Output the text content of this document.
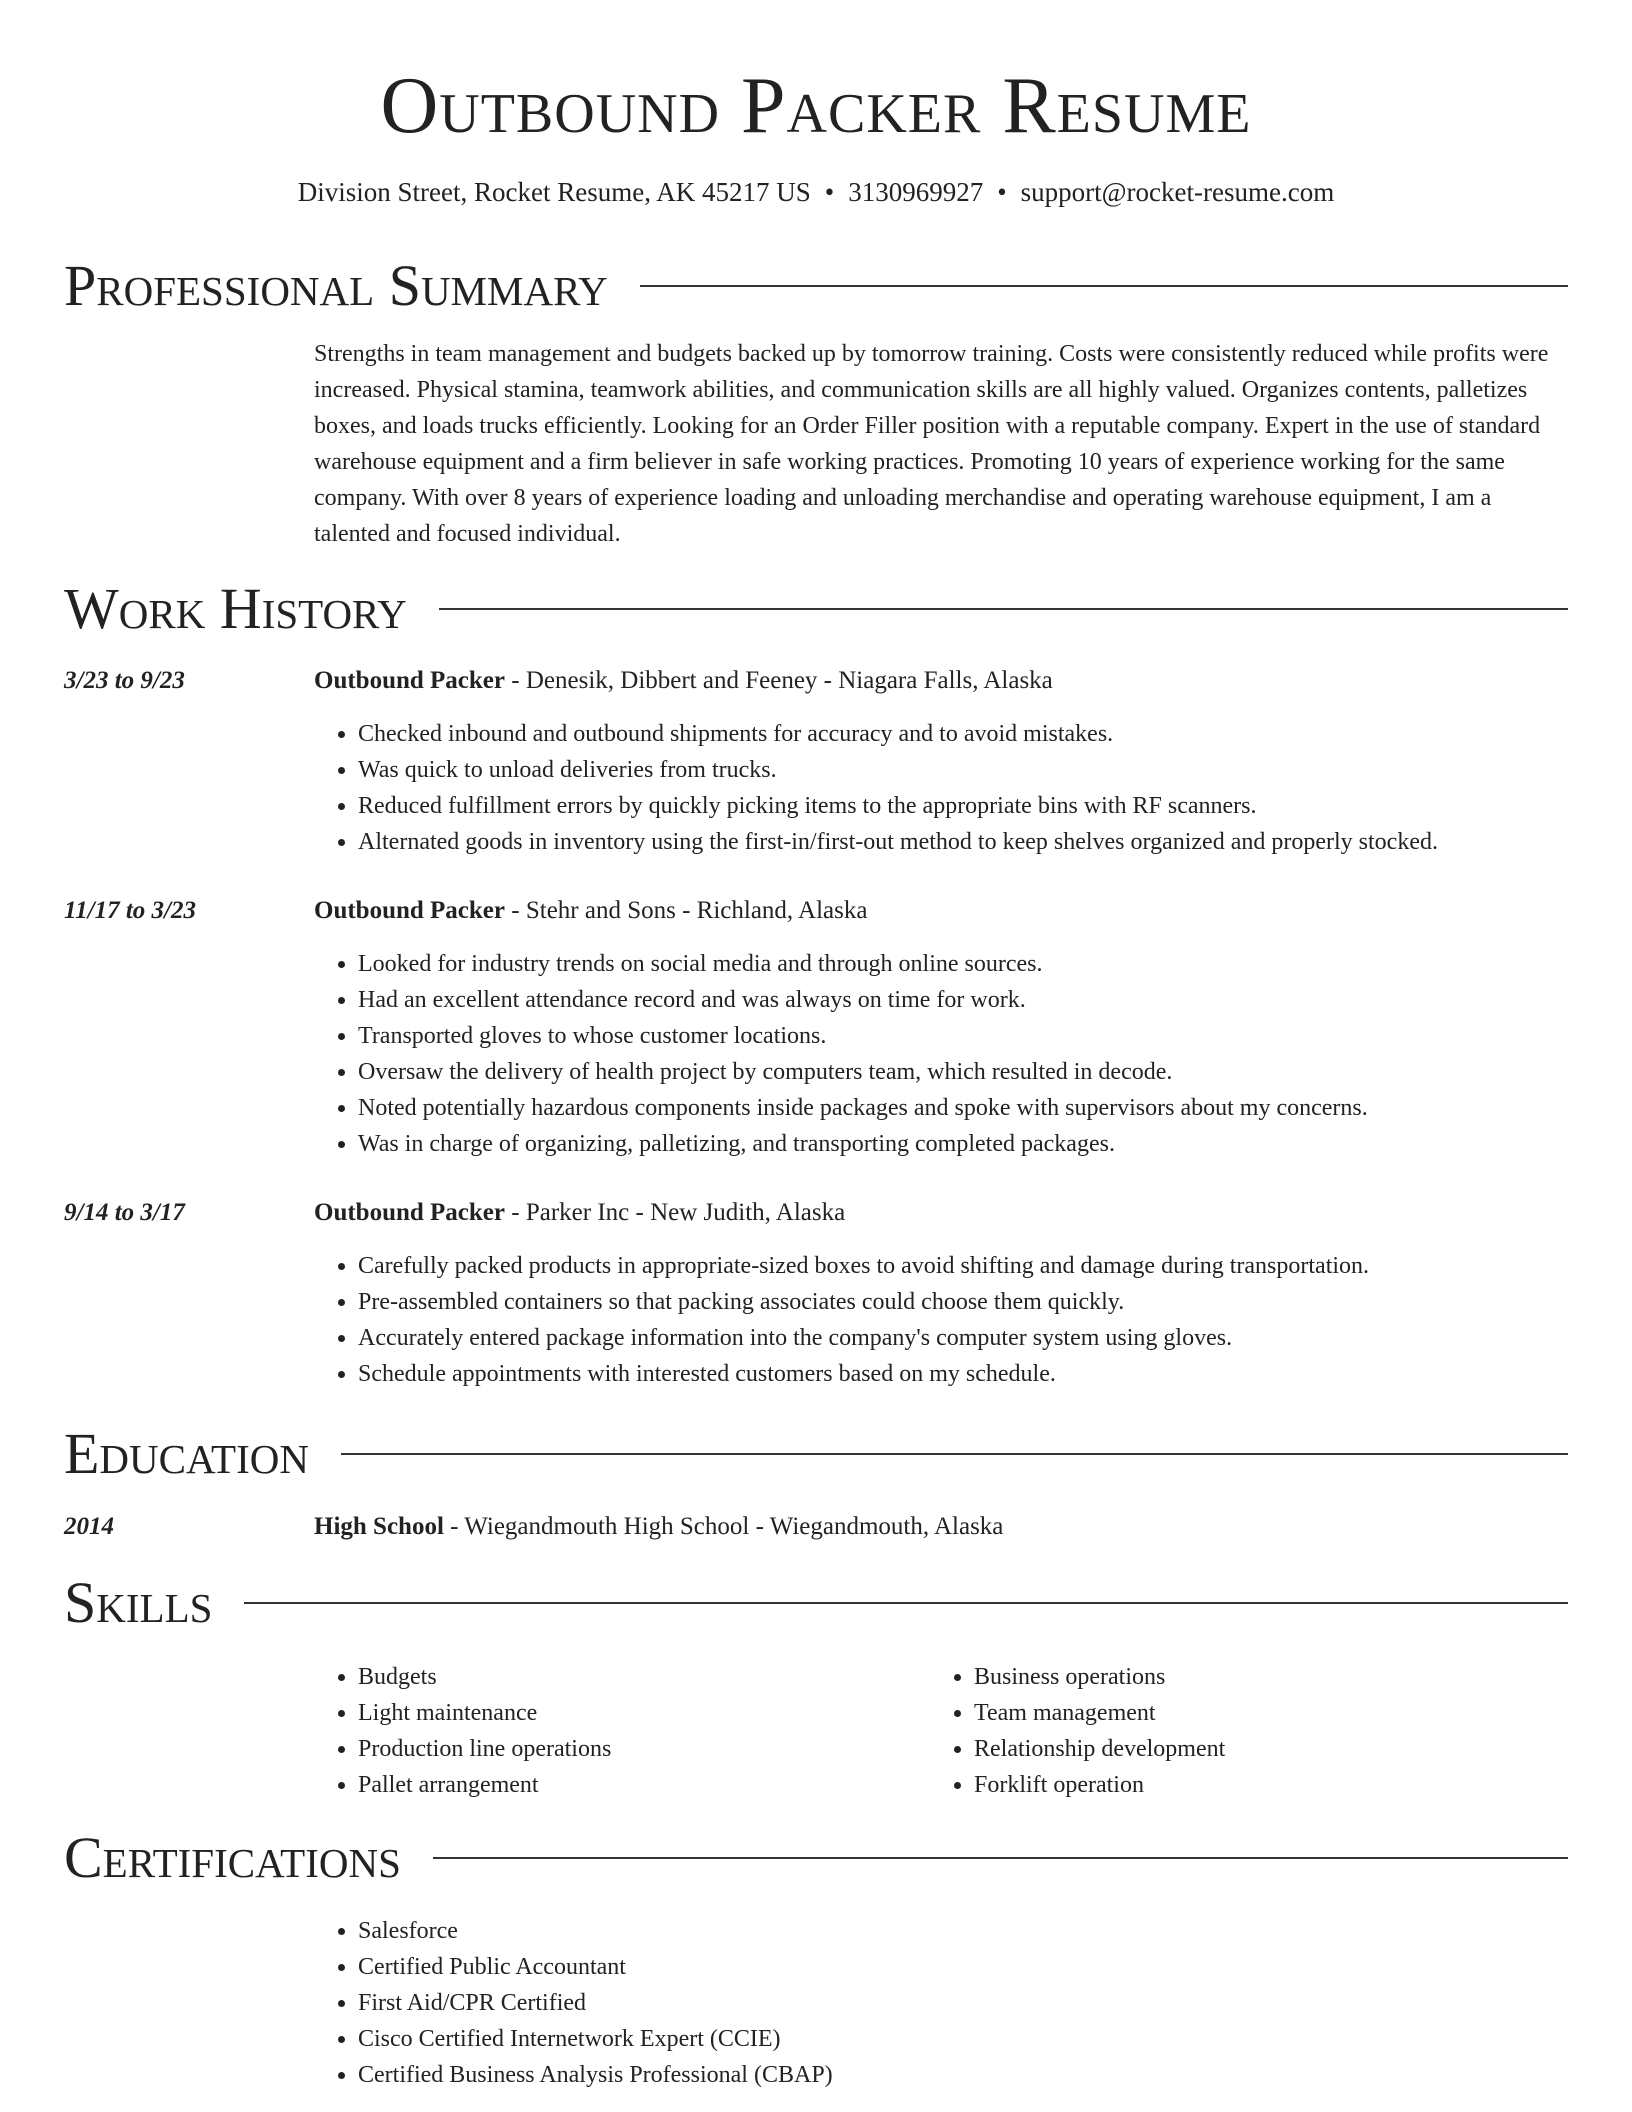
Outbound Packer Resume
Division Street, Rocket Resume, AK 45217 US • 3130969927 • support@rocket-resume.com
Professional Summary

Strengths in team management and budgets backed up by tomorrow training. Costs were consistently reduced while profits were increased. Physical stamina, teamwork abilities, and communication skills are all highly valued. Organizes contents, palletizes boxes, and loads trucks efficiently. Looking for an Order Filler position with a reputable company. Expert in the use of standard warehouse equipment and a firm believer in safe working practices. Promoting 10 years of experience working for the same company. With over 8 years of experience loading and unloading merchandise and operating warehouse equipment, I am a talented and focused individual.

Work History
3/23 to 9/23	Outbound Packer - Denesik, Dibbert and Feeney - Niagara Falls, Alaska
• Checked inbound and outbound shipments for accuracy and to avoid mistakes.
• Was quick to unload deliveries from trucks.
• Reduced fulfillment errors by quickly picking items to the appropriate bins with RF scanners.
• Alternated goods in inventory using the first-in/first-out method to keep shelves organized and properly stocked.
11/17 to 3/23	Outbound Packer - Stehr and Sons - Richland, Alaska
• Looked for industry trends on social media and through online sources.
• Had an excellent attendance record and was always on time for work.
• Transported gloves to whose customer locations.
• Oversaw the delivery of health project by computers team, which resulted in decode.
• Noted potentially hazardous components inside packages and spoke with supervisors about my concerns.
• Was in charge of organizing, palletizing, and transporting completed packages.
9/14 to 3/17	Outbound Packer - Parker Inc - New Judith, Alaska
• Carefully packed products in appropriate-sized boxes to avoid shifting and damage during transportation.
• Pre-assembled containers so that packing associates could choose them quickly.
• Accurately entered package information into the company's computer system using gloves.
• Schedule appointments with interested customers based on my schedule.
Education
2014	High School - Wiegandmouth High School - Wiegandmouth, Alaska
Skills
• Budgets
• Light maintenance
• Production line operations
• Pallet arrangement
• Business operations
• Team management
• Relationship development
• Forklift operation
Certifications
• Salesforce
• Certified Public Accountant
• First Aid/CPR Certified
• Cisco Certified Internetwork Expert (CCIE)
• Certified Business Analysis Professional (CBAP)
